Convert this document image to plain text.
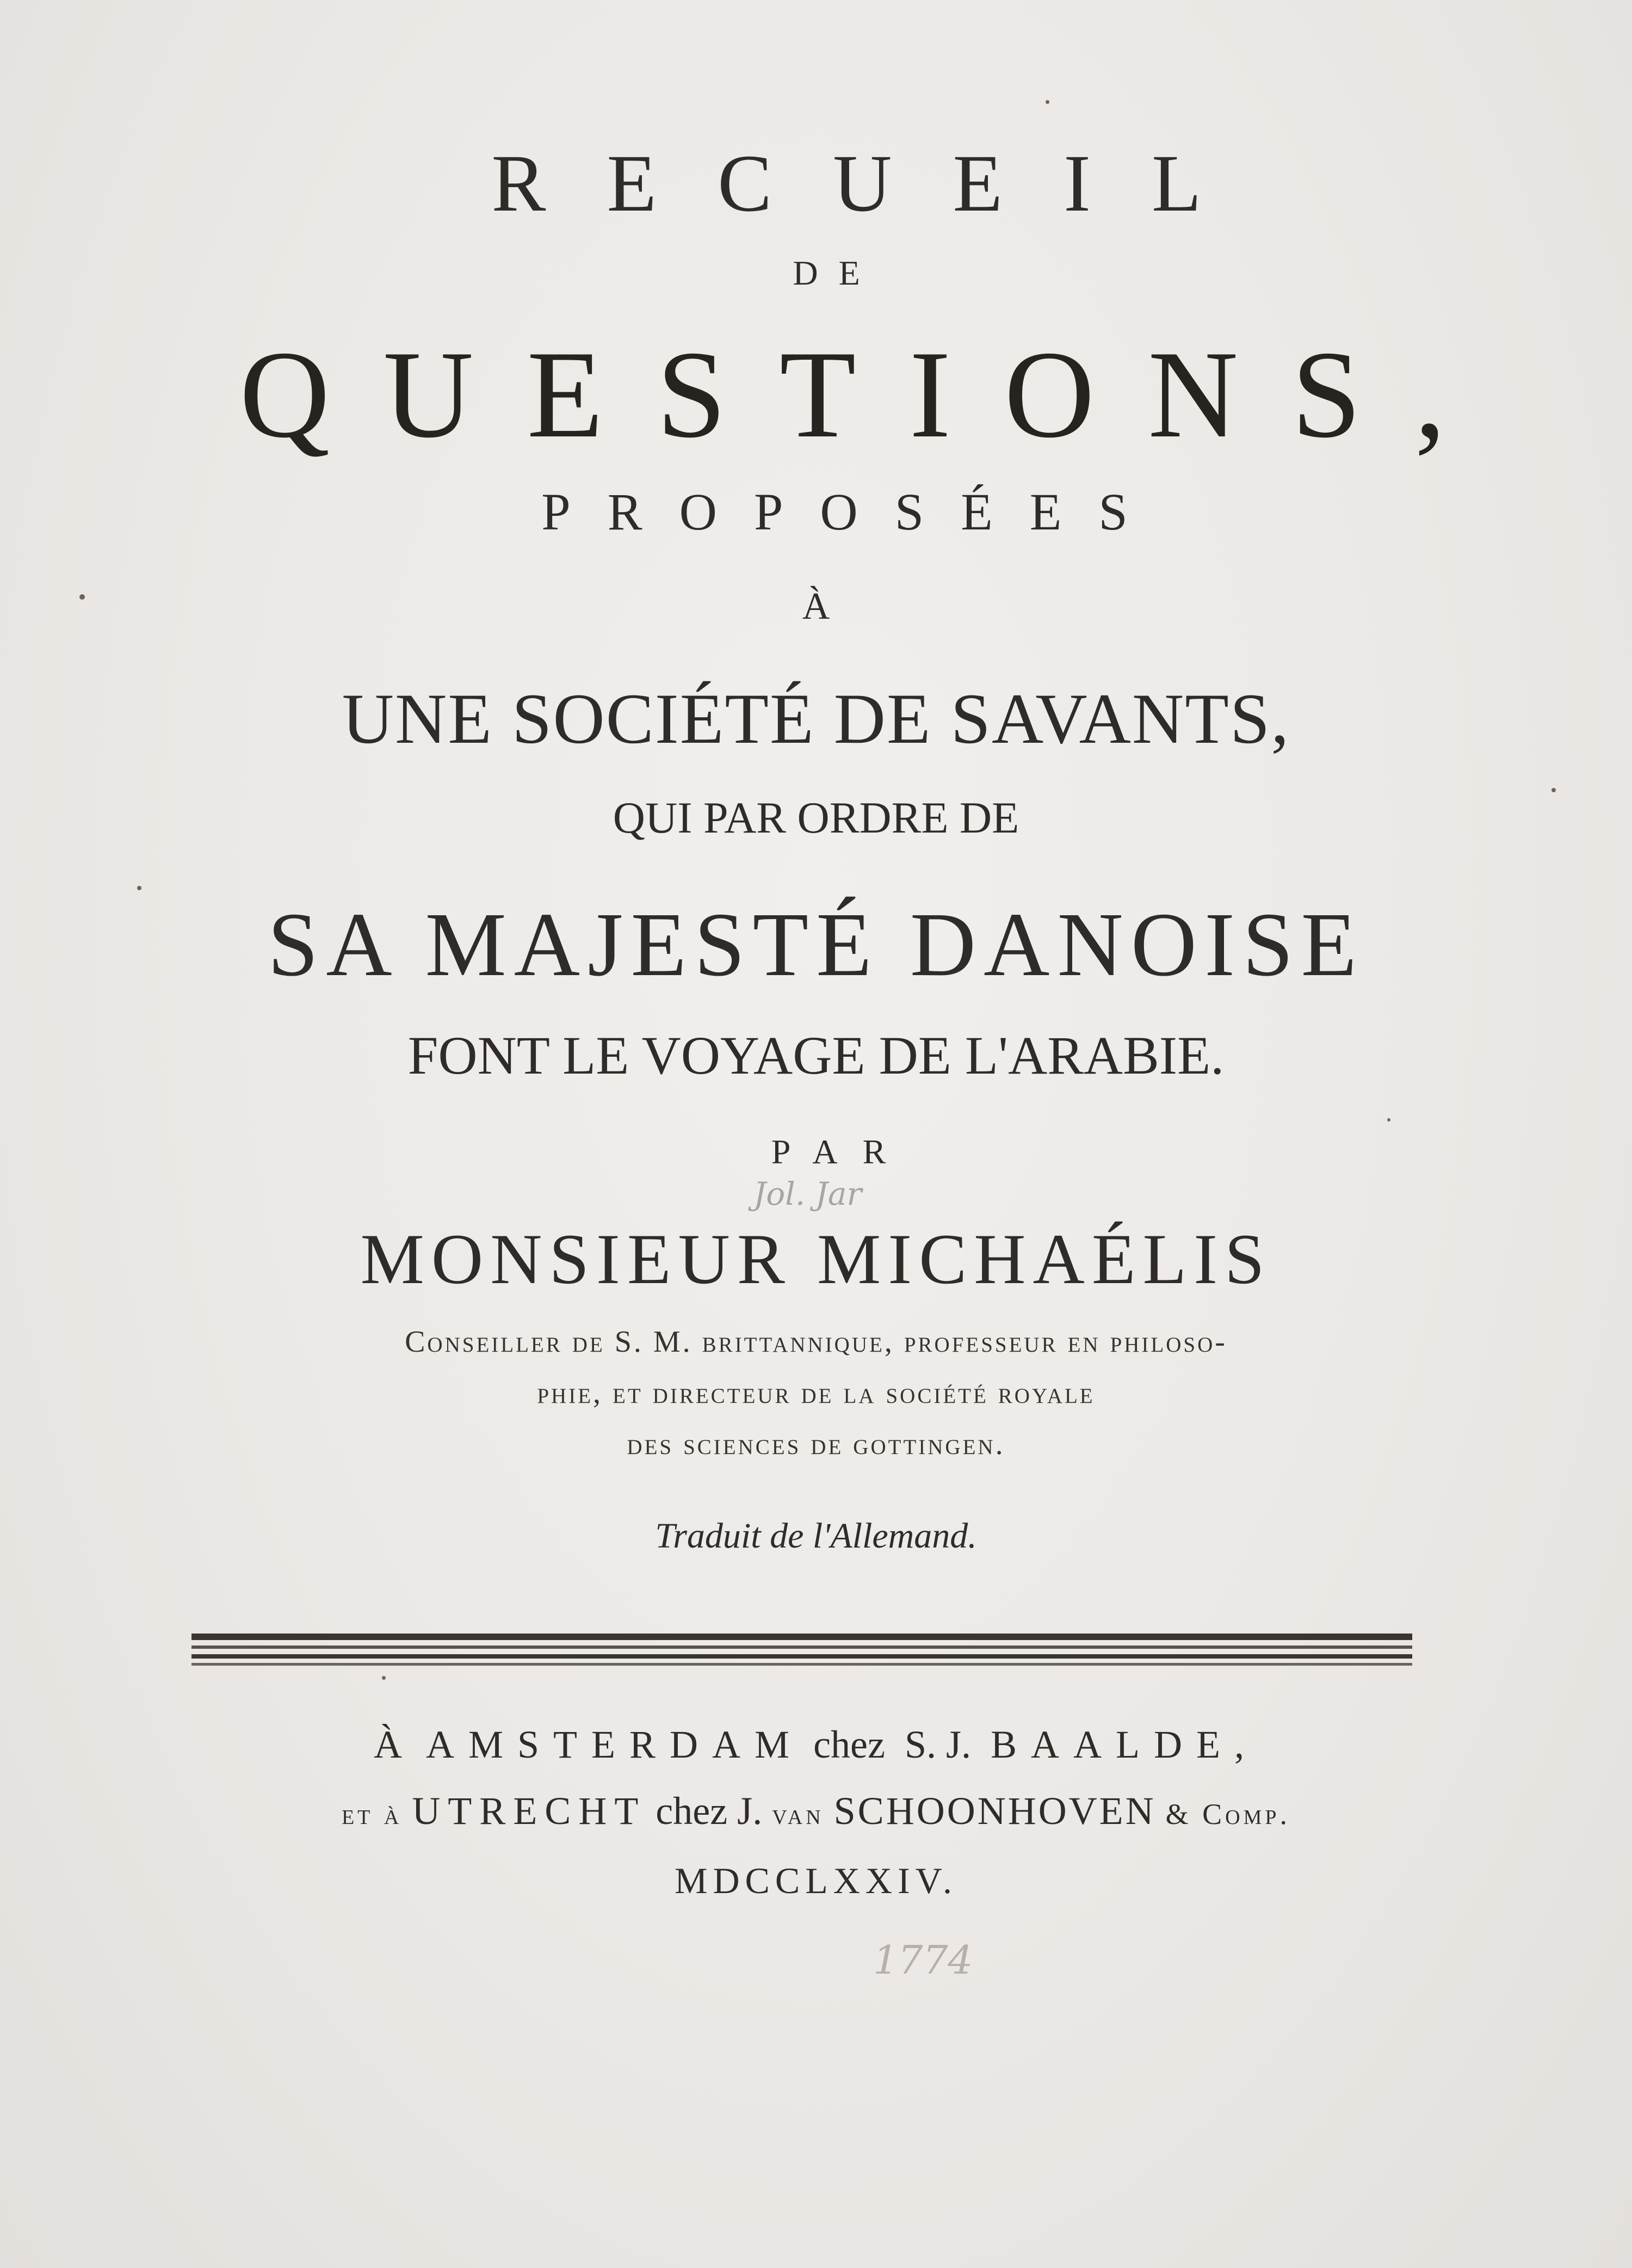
RECUEIL
DE
QUESTIONS,
PROPOSÉES
À
UNE SOCIÉTÉ DE SAVANTS,
QUI PAR ORDRE DE
SA MAJESTÉ DANOISE
FONT LE VOYAGE DE L'ARABIE.
PAR
Jol. Jar
MONSIEUR MICHAÉLIS
Conseiller de S. M. brittannique, professeur en philoso-
phie, et directeur de la société royale
des sciences de gottingen.
Traduit de l'Allemand.
À AMSTERDAM chez S. J. BAALDE,
et à UTRECHT chez J. van SCHOONHOVEN & Comp.
MDCCLXXIV.
1774
